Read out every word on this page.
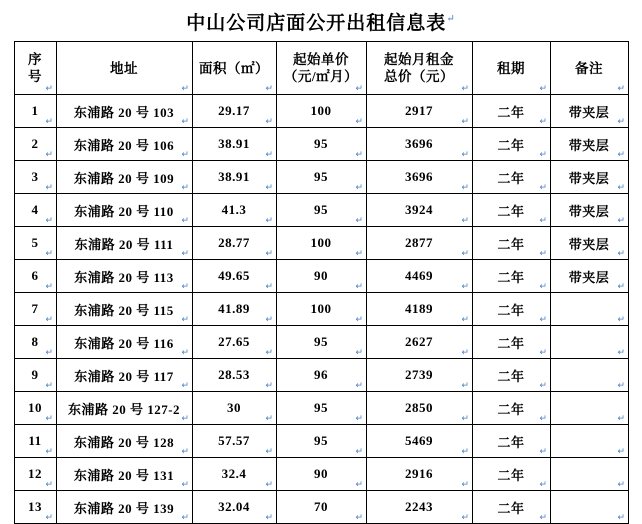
中山公司店面公开出租信息表↵
序
号
↵	地址
↵	面积（㎡）
↵	起始单价
（元/㎡月）
↵	起始月租金
总价（元）
↵	租期
↵	备注
↵

1
↵	东浦路 20 号 103
↵	29.17
↵	100
↵	2917
↵	二年
↵	带夹层
↵

2
↵	东浦路 20 号 106
↵	38.91
↵	95
↵	3696
↵	二年
↵	带夹层
↵

3
↵	东浦路 20 号 109
↵	38.91
↵	95
↵	3696
↵	二年
↵	带夹层
↵

4
↵	东浦路 20 号 110
↵	41.3
↵	95
↵	3924
↵	二年
↵	带夹层
↵

5
↵	东浦路 20 号 111
↵	28.77
↵	100
↵	2877
↵	二年
↵	带夹层
↵

6
↵	东浦路 20 号 113
↵	49.65
↵	90
↵	4469
↵	二年
↵	带夹层
↵

7
↵	东浦路 20 号 115
↵	41.89
↵	100
↵	4189
↵	二年
↵	↵

8
↵	东浦路 20 号 116
↵	27.65
↵	95
↵	2627
↵	二年
↵	↵

9
↵	东浦路 20 号 117
↵	28.53
↵	96
↵	2739
↵	二年
↵	↵

10
↵	东浦路 20 号 127-2
↵	30
↵	95
↵	2850
↵	二年
↵	↵

11
↵	东浦路 20 号 128
↵	57.57
↵	95
↵	5469
↵	二年
↵	↵

12
↵	东浦路 20 号 131
↵	32.4
↵	90
↵	2916
↵	二年
↵	↵

13
↵	东浦路 20 号 139
↵	32.04
↵	70
↵	2243
↵	二年
↵	↵
